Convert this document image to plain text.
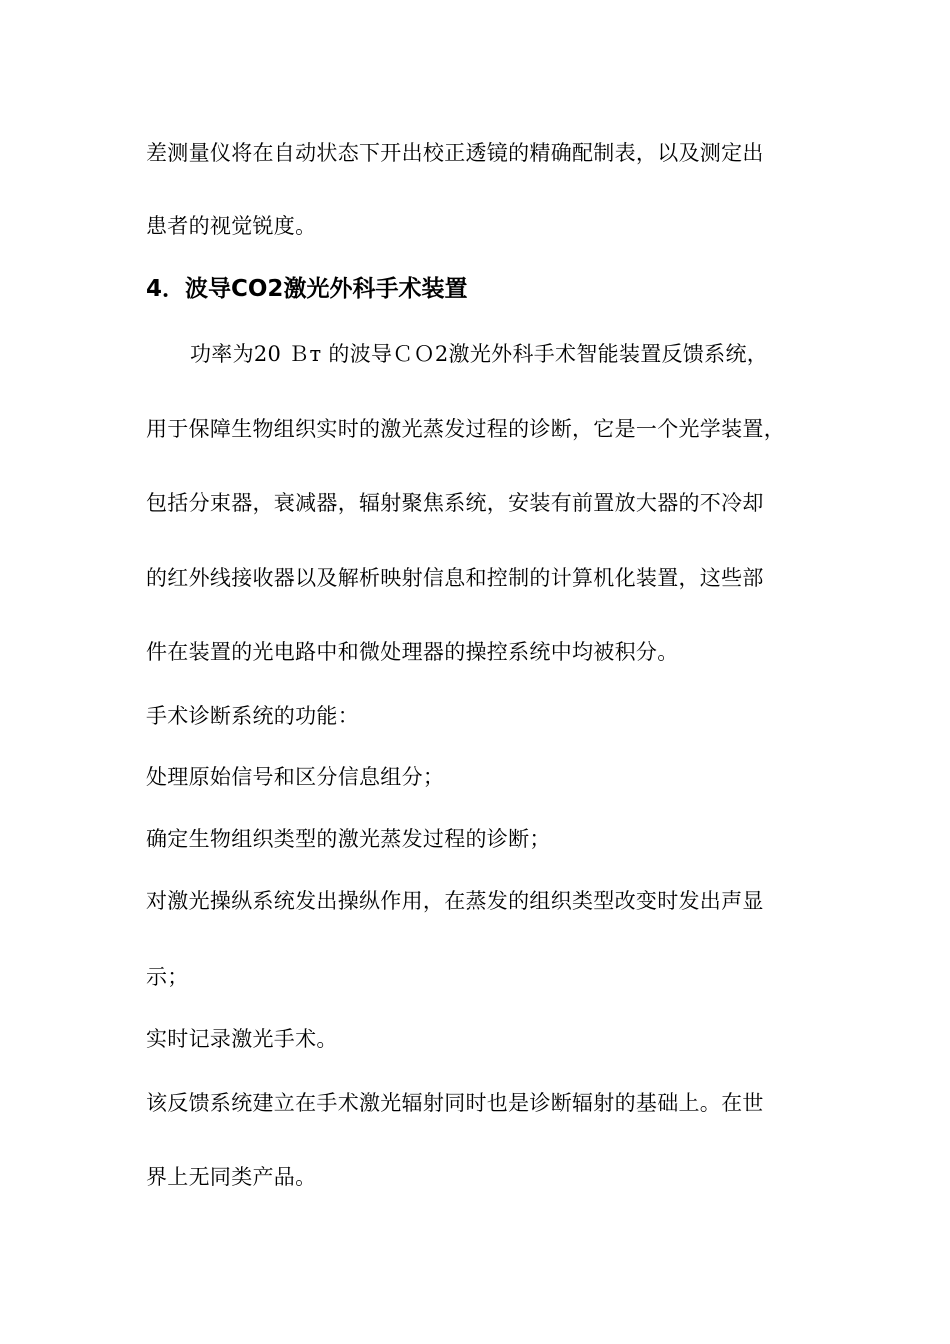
差测量仪将在自动状态下开出校正透镜的精确配制表，以及测定出
患者的视觉锐度。
4．波导CO2激光外科手术装置
功率为20 Ｂт 的波导ＣＯ2激光外科手术智能装置反馈系统，
用于保障生物组织实时的激光蒸发过程的诊断，它是一个光学装置，
包括分束器，衰减器，辐射聚焦系统，安装有前置放大器的不冷却
的红外线接收器以及解析映射信息和控制的计算机化装置，这些部
件在装置的光电路中和微处理器的操控系统中均被积分。
手术诊断系统的功能：
处理原始信号和区分信息组分；
确定生物组织类型的激光蒸发过程的诊断；
对激光操纵系统发出操纵作用，在蒸发的组织类型改变时发出声显
示；
实时记录激光手术。
该反馈系统建立在手术激光辐射同时也是诊断辐射的基础上。在世
界上无同类产品。
